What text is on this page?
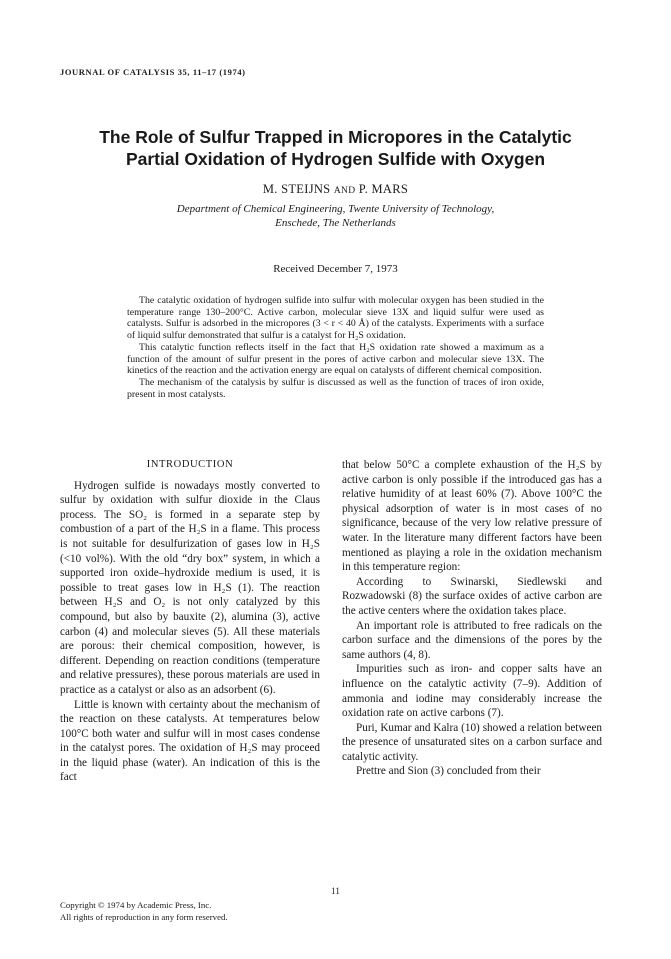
JOURNAL OF CATALYSIS 35, 11–17 (1974)
The Role of Sulfur Trapped in Micropores in the Catalytic
Partial Oxidation of Hydrogen Sulfide with Oxygen
M. STEIJNS AND P. MARS
Department of Chemical Engineering, Twente University of Technology,
Enschede, The Netherlands
Received December 7, 1973

The catalytic oxidation of hydrogen sulfide into sulfur with molecular oxygen has been studied in the temperature range 130–200°C. Active carbon, molecular sieve 13X and liquid sulfur were used as catalysts. Sulfur is adsorbed in the micropores (3 < r < 40 Å) of the catalysts. Experiments with a surface of liquid sulfur demonstrated that sulfur is a catalyst for H₂S oxidation.

This catalytic function reflects itself in the fact that H₂S oxidation rate showed a maximum as a function of the amount of sulfur present in the pores of active carbon and molecular sieve 13X. The kinetics of the reaction and the activation energy are equal on catalysts of different chemical composition.

The mechanism of the catalysis by sulfur is discussed as well as the function of traces of iron oxide, present in most catalysts.

INTRODUCTION

Hydrogen sulfide is nowadays mostly converted to sulfur by oxidation with sulfur dioxide in the Claus process. The SO₂ is formed in a separate step by combustion of a part of the H₂S in a flame. This process is not suitable for desulfurization of gases low in H₂S (<10 vol%). With the old “dry box” system, in which a supported iron oxide–hydroxide medium is used, it is possible to treat gases low in H₂S (1). The reaction between H₂S and O₂ is not only catalyzed by this compound, but also by bauxite (2), alumina (3), active carbon (4) and molecular sieves (5). All these materials are porous: their chemical composition, however, is different. Depending on reaction conditions (temperature and relative pressures), these porous materials are used in practice as a catalyst or also as an adsorbent (6).

Little is known with certainty about the mechanism of the reaction on these catalysts. At temperatures below 100°C both water and sulfur will in most cases condense in the catalyst pores. The oxidation of H₂S may proceed in the liquid phase (water). An indication of this is the fact

that below 50°C a complete exhaustion of the H₂S by active carbon is only possible if the introduced gas has a relative humidity of at least 60% (7). Above 100°C the physical adsorption of water is in most cases of no significance, because of the very low relative pressure of water. In the literature many different factors have been mentioned as playing a role in the oxidation mechanism in this temperature region:

According to Swinarski, Siedlewski and Rozwadowski (8) the surface oxides of active carbon are the active centers where the oxidation takes place.

An important role is attributed to free radicals on the carbon surface and the dimensions of the pores by the same authors (4, 8).

Impurities such as iron- and copper salts have an influence on the catalytic activity (7–9). Addition of ammonia and iodine may considerably increase the oxidation rate on active carbons (7).

Puri, Kumar and Kalra (10) showed a relation between the presence of unsaturated sites on a carbon surface and catalytic activity.

Prettre and Sion (3) concluded from their

11
Copyright © 1974 by Academic Press, Inc.
All rights of reproduction in any form reserved.
